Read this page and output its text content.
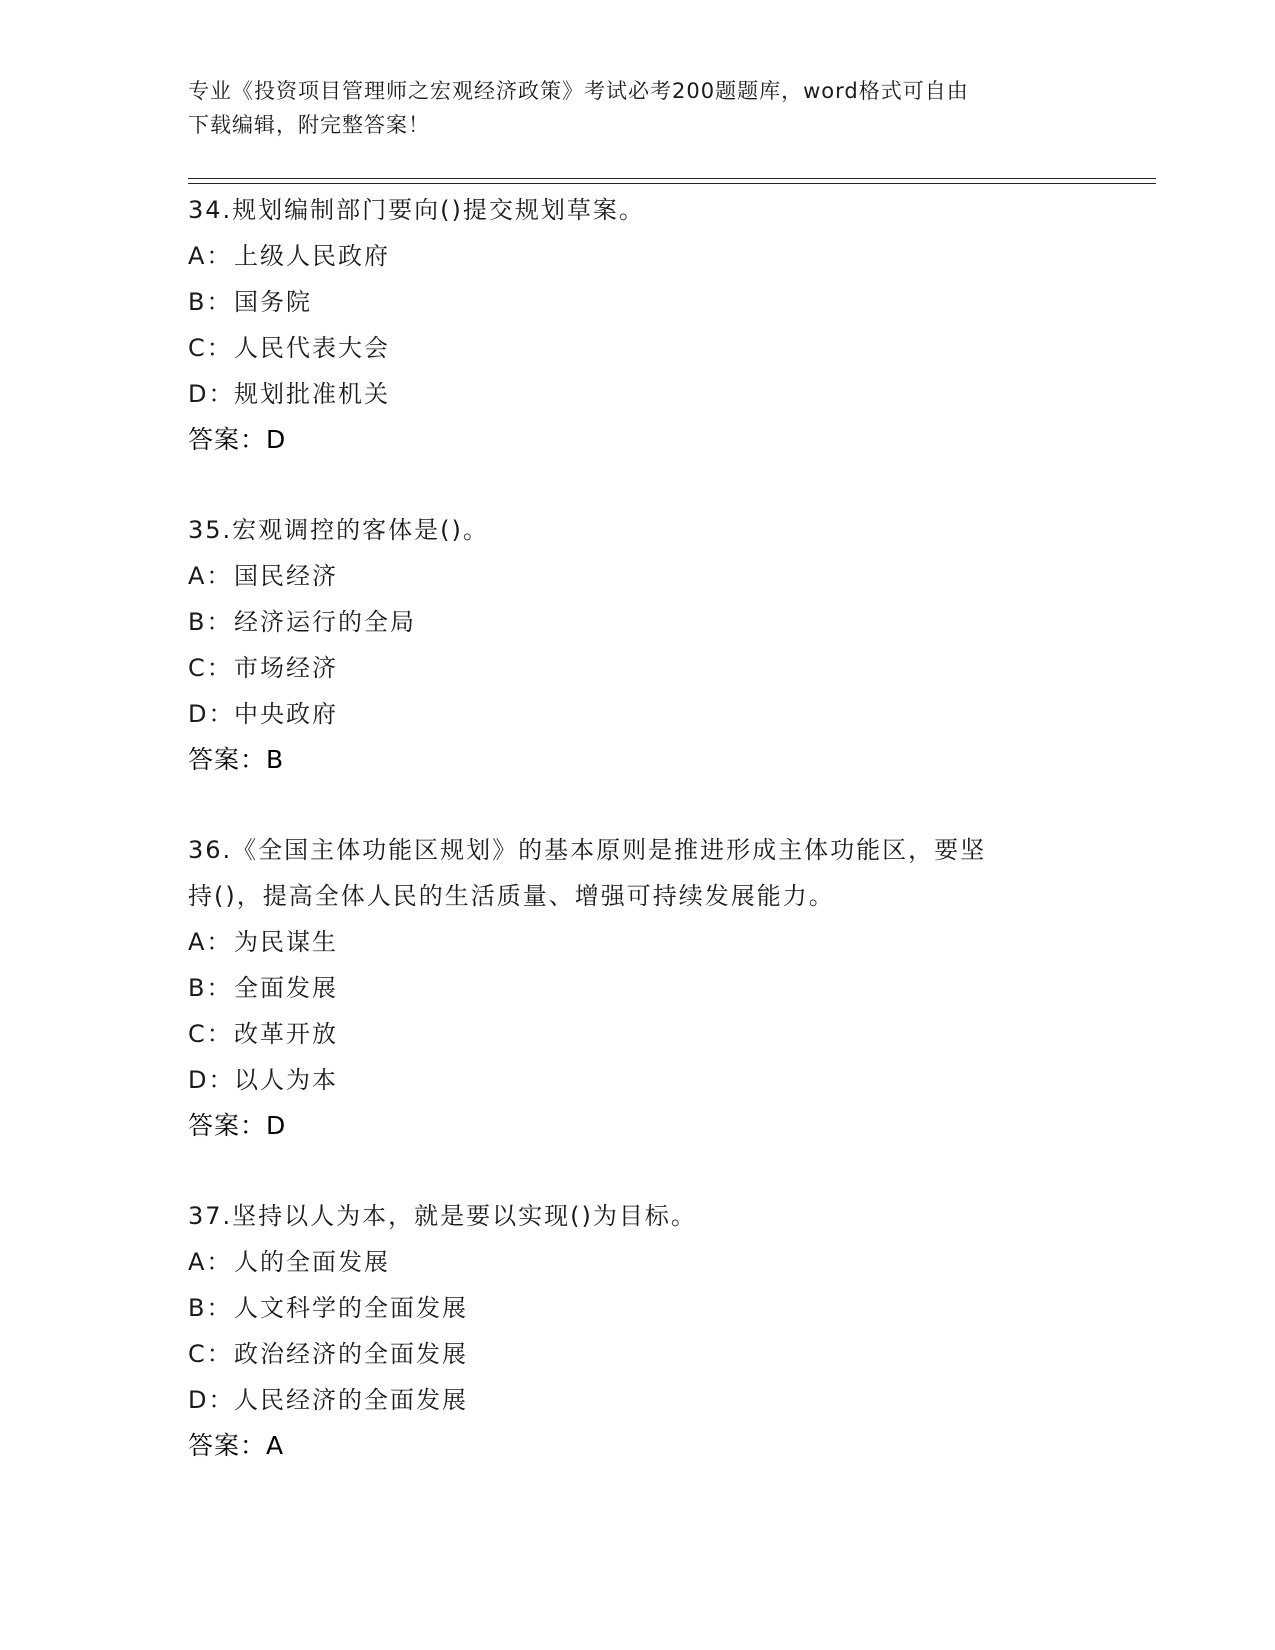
专业《投资项目管理师之宏观经济政策》考试必考200题题库，word格式可自由
下载编辑，附完整答案！
34.规划编制部门要向()提交规划草案。
A：上级人民政府
B：国务院
C：人民代表大会
D：规划批准机关
答案：D
35.宏观调控的客体是()。
A：国民经济
B：经济运行的全局
C：市场经济
D：中央政府
答案：B
36.《全国主体功能区规划》的基本原则是推进形成主体功能区，要坚
持()，提高全体人民的生活质量、增强可持续发展能力。
A：为民谋生
B：全面发展
C：改革开放
D：以人为本
答案：D
37.坚持以人为本，就是要以实现()为目标。
A：人的全面发展
B：人文科学的全面发展
C：政治经济的全面发展
D：人民经济的全面发展
答案：A
